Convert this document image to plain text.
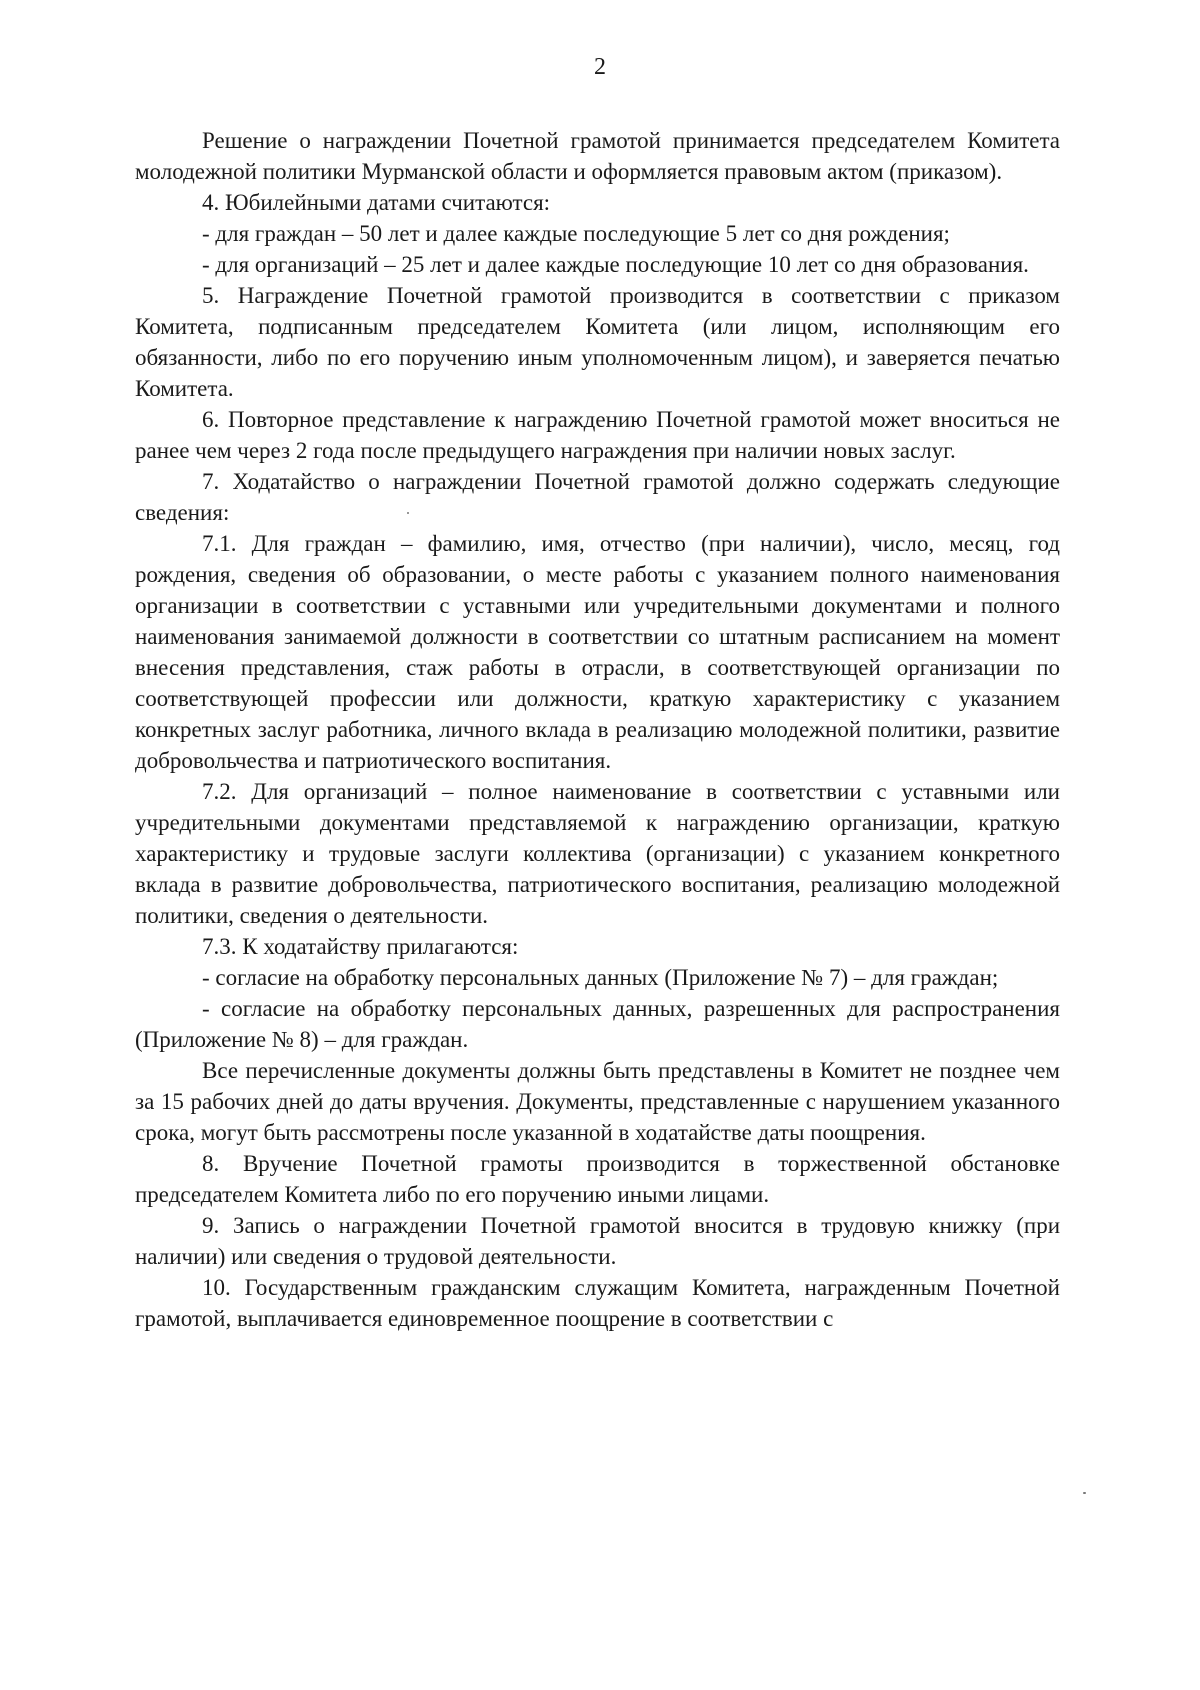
2

Решение о награждении Почетной грамотой принимается председателем Комитета молодежной политики Мурманской области и оформляется правовым актом (приказом).

4. Юбилейными датами считаются:

- для граждан – 50 лет и далее каждые последующие 5 лет со дня рождения;

- для организаций – 25 лет и далее каждые последующие 10 лет со дня образования.

5. Награждение Почетной грамотой производится в соответствии с приказом Комитета, подписанным председателем Комитета (или лицом, исполняющим его обязанности, либо по его поручению иным уполномоченным лицом), и заверяется печатью Комитета.

6. Повторное представление к награждению Почетной грамотой может вноситься не ранее чем через 2 года после предыдущего награждения при наличии новых заслуг.

7. Ходатайство о награждении Почетной грамотой должно содержать следующие сведения:

7.1. Для граждан – фамилию, имя, отчество (при наличии), число, месяц, год рождения, сведения об образовании, о месте работы с указанием полного наименования организации в соответствии с уставными или учредительными документами и полного наименования занимаемой должности в соответствии со штатным расписанием на момент внесения представления, стаж работы в отрасли, в соответствующей организации по соответствующей профессии или должности, краткую характеристику с указанием конкретных заслуг работника, личного вклада в реализацию молодежной политики, развитие добровольчества и патриотического воспитания.

7.2. Для организаций – полное наименование в соответствии с уставными или учредительными документами представляемой к награждению организации, краткую характеристику и трудовые заслуги коллектива (организации) с указанием конкретного вклада в развитие добровольчества, патриотического воспитания, реализацию молодежной политики, сведения о деятельности.

7.3. К ходатайству прилагаются:

- согласие на обработку персональных данных (Приложение № 7) – для граждан;

- согласие на обработку персональных данных, разрешенных для распространения (Приложение № 8) – для граждан.

Все перечисленные документы должны быть представлены в Комитет не позднее чем за 15 рабочих дней до даты вручения. Документы, представленные с нарушением указанного срока, могут быть рассмотрены после указанной в ходатайстве даты поощрения.

8. Вручение Почетной грамоты производится в торжественной обстановке председателем Комитета либо по его поручению иными лицами.

9. Запись о награждении Почетной грамотой вносится в трудовую книжку (при наличии) или сведения о трудовой деятельности.

10. Государственным гражданским служащим Комитета, награжденным Почетной грамотой, выплачивается единовременное поощрение в соответствии с
